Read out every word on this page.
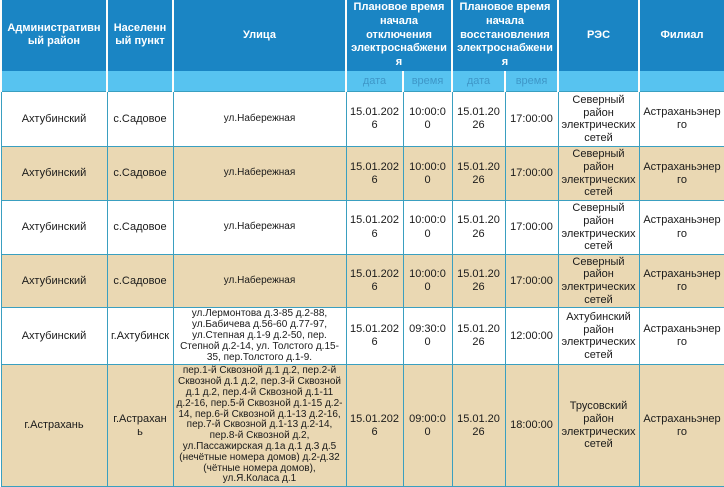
Административный район	Населенный пункт	Улица	Плановое время начала отключения электроснабжения		Плановое время начала восстановления электроснабжения		РЭС	Филиал
			дата	время	дата	время		
Ахтубинский	с.Садовое	ул.Набережная	15.01.2026	10:00:00	15.01.2026	17:00:00	Северный район электрических сетей	Астраханьэнерго
Ахтубинский	с.Садовое	ул.Набережная	15.01.2026	10:00:00	15.01.2026	17:00:00	Северный район электрических сетей	Астраханьэнерго
Ахтубинский	с.Садовое	ул.Набережная	15.01.2026	10:00:00	15.01.2026	17:00:00	Северный район электрических сетей	Астраханьэнерго
Ахтубинский	с.Садовое	ул.Набережная	15.01.2026	10:00:00	15.01.2026	17:00:00	Северный район электрических сетей	Астраханьэнерго
Ахтубинский	г.Ахтубинск	ул.Лермонтова д.3-85 д.2-88, ул.Бабичева д.56-60 д.77-97, ул.Степная д.1-9 д.2-50, пер. Степной д.2-14, ул. Толстого д.15-35, пер.Толстого д.1-9.	15.01.2026	09:30:00	15.01.2026	12:00:00	Ахтубинский район электрических сетей	Астраханьэнерго
г.Астрахань	г.Астрахань	пер.1-й Сквозной д.1 д.2, пер.2-й Сквозной д.1 д.2, пер.3-й Сквозной д.1 д.2, пер.4-й Сквозной д.1-11 д.2-16, пер.5-й Сквозной д.1-15 д.2-14, пер.6-й Сквозной д.1-13 д.2-16, пер.7-й Сквозной д.1-13 д.2-14, пер.8-й Сквозной д.2, ул.Пассажирская д.1а д.1 д.3 д.5 (нечётные номера домов) д.2-д.32 (чётные номера домов), ул.Я.Коласа д.1	15.01.2026	09:00:00	15.01.2026	18:00:00	Трусовский район электрических сетей	Астраханьэнерго
